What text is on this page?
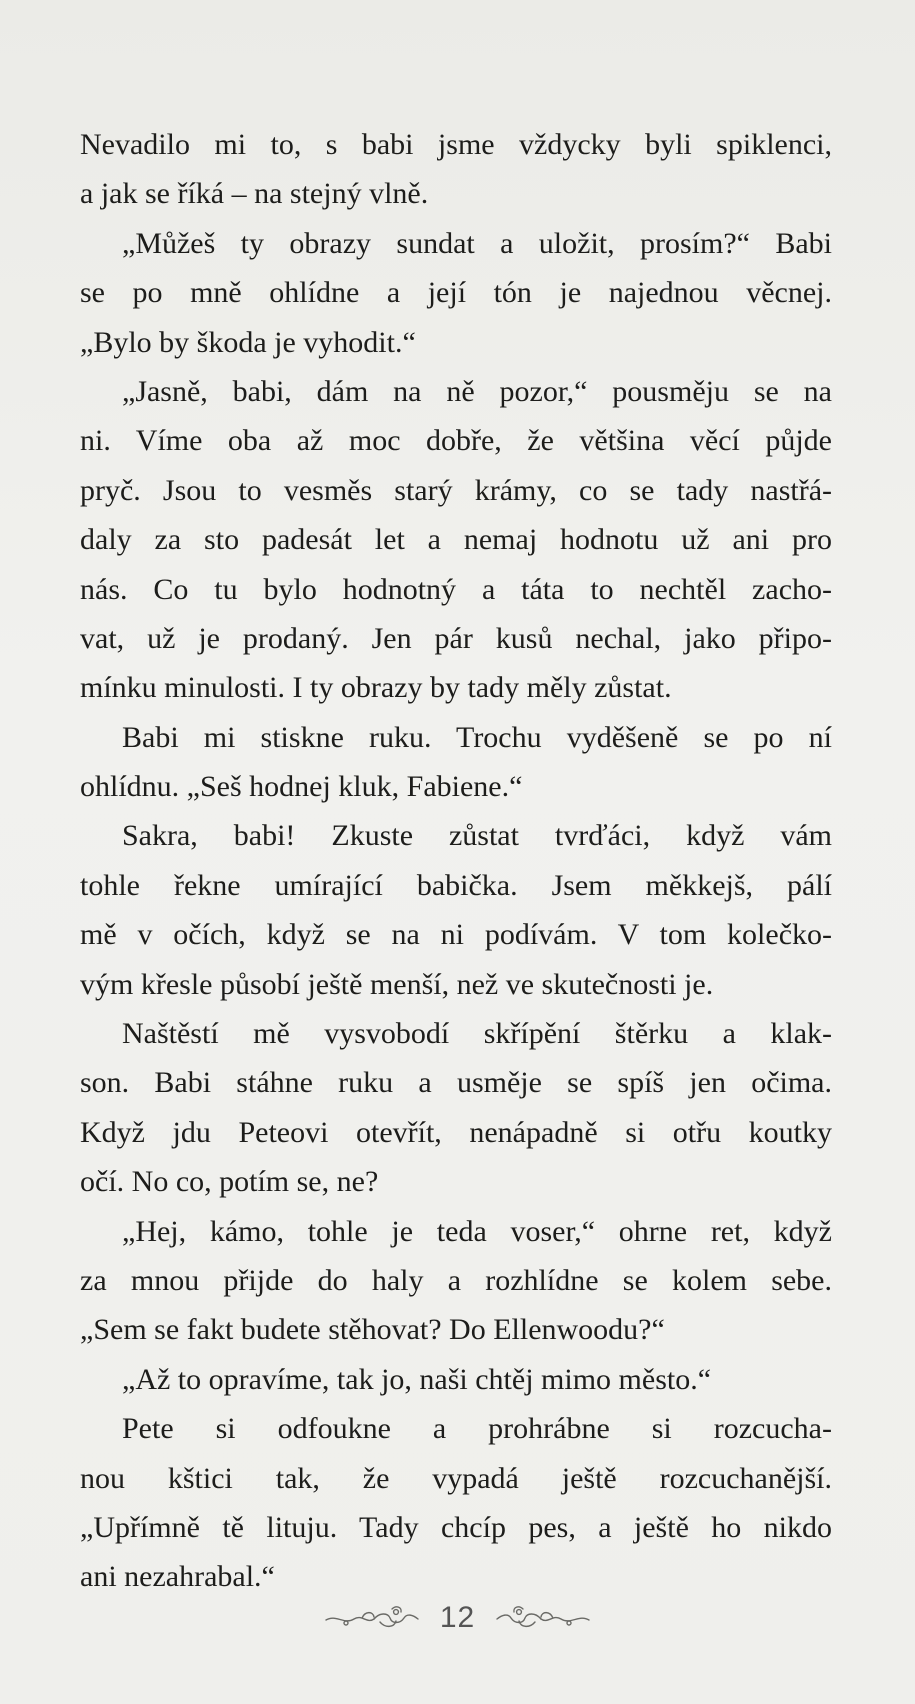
Nevadilo mi to, s babi jsme vždycky byli spiklenci,
a jak se říká – na stejný vlně.
„Můžeš ty obrazy sundat a uložit, prosím?“ Babi
se po mně ohlídne a její tón je najednou věcnej.
„Bylo by škoda je vyhodit.“
„Jasně, babi, dám na ně pozor,“ pousměju se na
ni. Víme oba až moc dobře, že většina věcí půjde
pryč. Jsou to vesměs starý krámy, co se tady nastřá-
daly za sto padesát let a nemaj hodnotu už ani pro
nás. Co tu bylo hodnotný a táta to nechtěl zacho-
vat, už je prodaný. Jen pár kusů nechal, jako připo-
mínku minulosti. I ty obrazy by tady měly zůstat.
Babi mi stiskne ruku. Trochu vyděšeně se po ní
ohlídnu. „Seš hodnej kluk, Fabiene.“
Sakra, babi! Zkuste zůstat tvrďáci, když vám
tohle řekne umírající babička. Jsem měkkejš, pálí
mě v očích, když se na ni podívám. V tom kolečko-
vým křesle působí ještě menší, než ve skutečnosti je.
Naštěstí mě vysvobodí skřípění štěrku a klak-
son. Babi stáhne ruku a usměje se spíš jen očima.
Když jdu Peteovi otevřít, nenápadně si otřu koutky
očí. No co, potím se, ne?
„Hej, kámo, tohle je teda voser,“ ohrne ret, když
za mnou přijde do haly a rozhlídne se kolem sebe.
„Sem se fakt budete stěhovat? Do Ellenwoodu?“
„Až to opravíme, tak jo, naši chtěj mimo město.“
Pete si odfoukne a prohrábne si rozcucha-
nou kštici tak, že vypadá ještě rozcuchanější.
„Upřímně tě lituju. Tady chcíp pes, a ještě ho nikdo
ani nezahrabal.“
12
